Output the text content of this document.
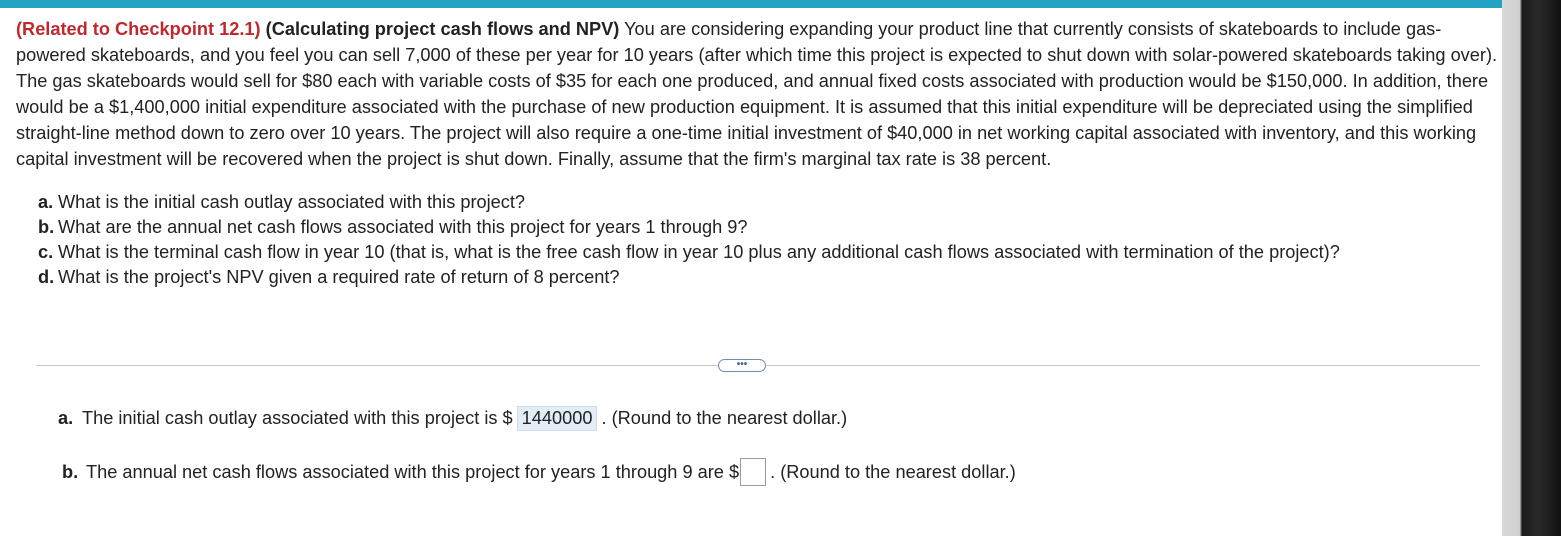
(Related to Checkpoint 12.1) (Calculating project cash flows and NPV) You are considering expanding your product line that currently consists of skateboards to include gas-powered skateboards, and you feel you can sell 7,000 of these per year for 10 years (after which time this project is expected to shut down with solar-powered skateboards taking over). The gas skateboards would sell for $80 each with variable costs of $35 for each one produced, and annual fixed costs associated with production would be $150,000. In addition, there would be a $1,400,000 initial expenditure associated with the purchase of new production equipment. It is assumed that this initial expenditure will be depreciated using the simplified straight-line method down to zero over 10 years. The project will also require a one-time initial investment of $40,000 in net working capital associated with inventory, and this working capital investment will be recovered when the project is shut down. Finally, assume that the firm's marginal tax rate is 38 percent.

a. What is the initial cash outlay associated with this project?
b. What are the annual net cash flows associated with this project for years 1 through 9?
c. What is the terminal cash flow in year 10 (that is, what is the free cash flow in year 10 plus any additional cash flows associated with termination of the project)?
d. What is the project's NPV given a required rate of return of 8 percent?
•••
a. The initial cash outlay associated with this project is $ 1440000 . (Round to the nearest dollar.)
b. The annual net cash flows associated with this project for years 1 through 9 are $ . (Round to the nearest dollar.)
